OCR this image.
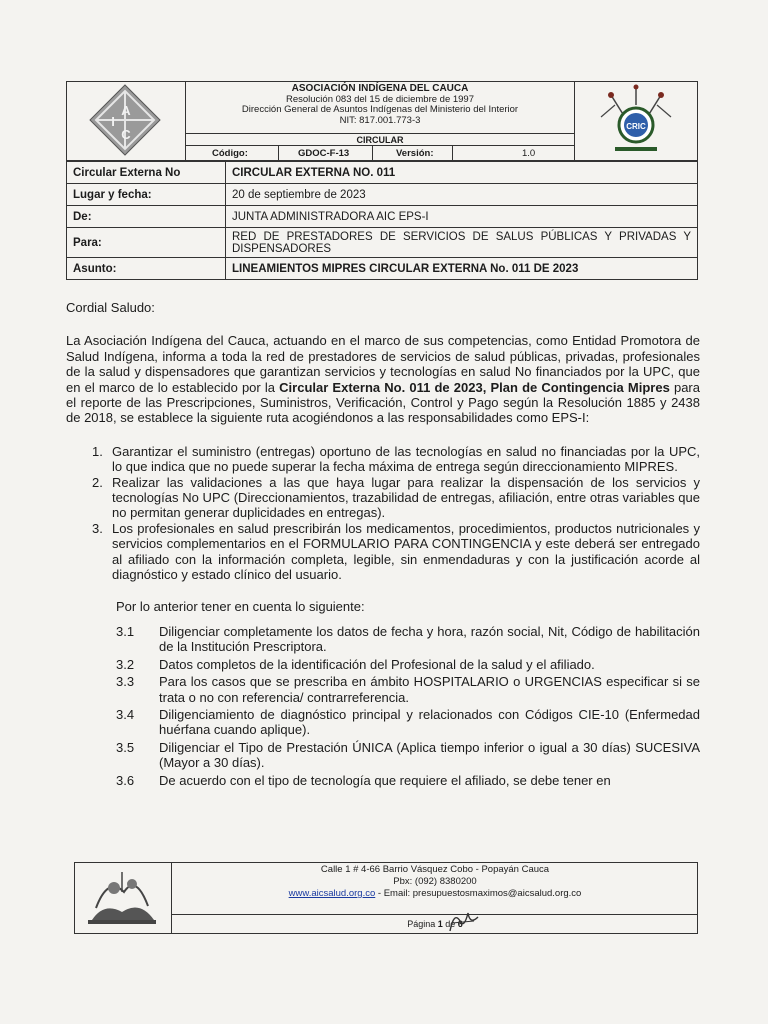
A
I
C
ASOCIACIÓN INDÍGENA DEL CAUCA
Resolución 083 del 15 de diciembre de 1997
Dirección General de Asuntos Indígenas del Ministerio del Interior
NIT: 817.001.773-3
CIRCULAR
Código:	GDOC-F-13	Versión:	1.0
CRIC
Circular Externa No	CIRCULAR EXTERNA NO. 011
Lugar y fecha:	20 de septiembre de 2023
De:	JUNTA ADMINISTRADORA AIC EPS-I
Para:	RED DE PRESTADORES DE SERVICIOS DE SALUS PÚBLICAS Y PRIVADAS Y DISPENSADORES
Asunto:	LINEAMIENTOS MIPRES CIRCULAR EXTERNA No. 011 DE 2023

Cordial Saludo:

La Asociación Indígena del Cauca, actuando en el marco de sus competencias, como Entidad Promotora de Salud Indígena, informa a toda la red de prestadores de servicios de salud públicas, privadas, profesionales de la salud y dispensadores que garantizan servicios y tecnologías en salud No financiados por la UPC, que en el marco de lo establecido por la Circular Externa No. 011 de 2023, Plan de Contingencia Mipres para el reporte de las Prescripciones, Suministros, Verificación, Control y Pago según la Resolución 1885 y 2438 de 2018, se establece la siguiente ruta acogiéndonos a las responsabilidades como EPS-I:

1. Garantizar el suministro (entregas) oportuno de las tecnologías en salud no financiadas por la UPC, lo que indica que no puede superar la fecha máxima de entrega según direccionamiento MIPRES.
2. Realizar las validaciones a las que haya lugar para realizar la dispensación de los servicios y tecnologías No UPC (Direccionamientos, trazabilidad de entregas, afiliación, entre otras variables que no permitan generar duplicidades en entregas).
3. Los profesionales en salud prescribirán los medicamentos, procedimientos, productos nutricionales y servicios complementarios en el FORMULARIO PARA CONTINGENCIA y este deberá ser entregado al afiliado con la información completa, legible, sin enmendaduras y con la justificación acorde al diagnóstico y estado clínico del usuario.

Por lo anterior tener en cuenta lo siguiente:

3.1 Diligenciar completamente los datos de fecha y hora, razón social, Nit, Código de habilitación de la Institución Prescriptora.
3.2 Datos completos de la identificación del Profesional de la salud y el afiliado.
3.3 Para los casos que se prescriba en ámbito HOSPITALARIO o URGENCIAS especificar si se trata o no con referencia/ contrarreferencia.
3.4 Diligenciamiento de diagnóstico principal y relacionados con Códigos CIE-10 (Enfermedad huérfana cuando aplique).
3.5 Diligenciar el Tipo de Prestación ÚNICA (Aplica tiempo inferior o igual a 30 días) SUCESIVA (Mayor a 30 días).
3.6 De acuerdo con el tipo de tecnología que requiere el afiliado, se debe tener en
Calle 1 # 4-66 Barrio Vásquez Cobo - Popayán Cauca
Pbx: (092) 8380200
www.aicsalud.org.co - Email: presupuestosmaximos@aicsalud.org.co
Página 1 de 6
